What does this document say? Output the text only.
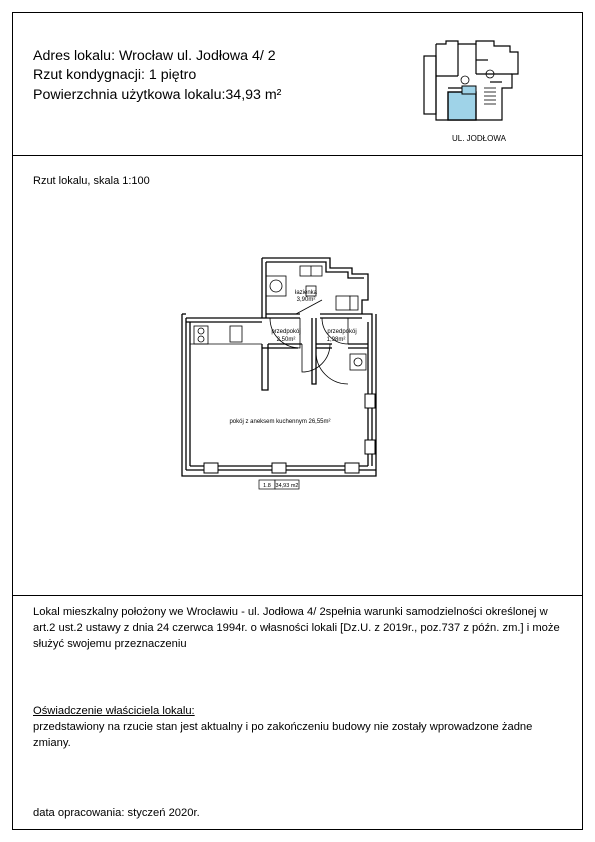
Adres lokalu: Wrocław ul. Jodłowa 4/ 2
Rzut kondygnacji: 1 piętro
Powierzchnia użytkowa lokalu:34,93 m²
UL. JODŁOWA
Rzut lokalu, skala 1:100
łazienka
3,90m²
przedpokój
2,50m²
przedpokój
1,98m²
pokój z aneksem kuchennym 26,55m²
1.8 34,93 m2
Lokal mieszkalny położony we Wrocławiu - ul. Jodłowa 4/ 2spełnia warunki samodzielności określonej w art.2 ust.2 ustawy z dnia 24 czerwca 1994r. o własności lokali [Dz.U. z 2019r., poz.737 z późn. zm.] i może służyć swojemu przeznaczeniu
Oświadczenie właściciela lokalu:
przedstawiony na rzucie stan jest aktualny i po zakończeniu budowy nie zostały wprowadzone żadne zmiany.
data opracowania: styczeń 2020r.
